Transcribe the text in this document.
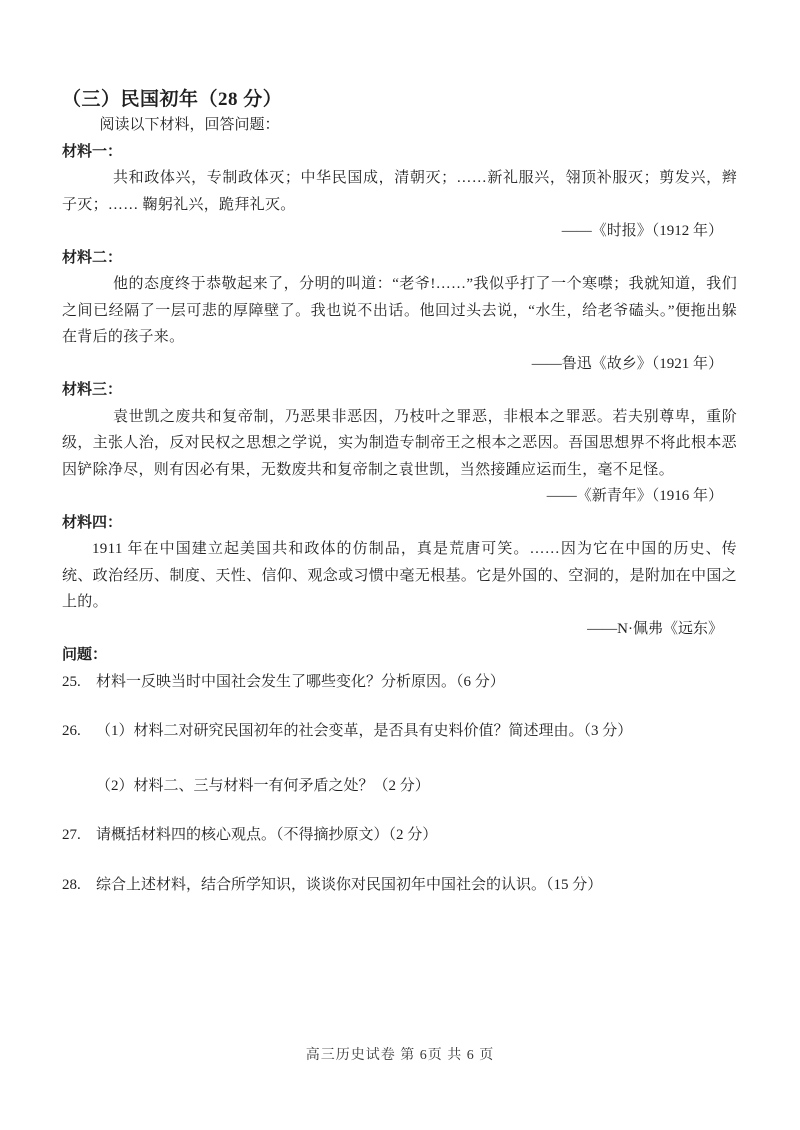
（三）民国初年（28 分）

阅读以下材料，回答问题：

材料一：

共和政体兴，专制政体灭；中华民国成，清朝灭；……新礼服兴，翎顶补服灭；剪发兴，辫子灭；…… 鞠躬礼兴，跪拜礼灭。

——《时报》（1912 年）
材料二：

他的态度终于恭敬起来了，分明的叫道：“老爷!……”我似乎打了一个寒噤；我就知道，我们之间已经隔了一层可悲的厚障壁了。我也说不出话。他回过头去说，“水生，给老爷磕头。”便拖出躲在背后的孩子来。

——鲁迅《故乡》（1921 年）
材料三：

袁世凯之废共和复帝制，乃恶果非恶因，乃枝叶之罪恶，非根本之罪恶。若夫别尊卑，重阶级，主张人治，反对民权之思想之学说，实为制造专制帝王之根本之恶因。吾国思想界不将此根本恶因铲除净尽，则有因必有果，无数废共和复帝制之袁世凯，当然接踵应运而生，毫不足怪。

——《新青年》（1916 年）
材料四：

1911 年在中国建立起美国共和政体的仿制品，真是荒唐可笑。……因为它在中国的历史、传统、政治经历、制度、天性、信仰、观念或习惯中毫无根基。它是外国的、空洞的，是附加在中国之上的。

——N·佩弗《远东》
问题：
25.	材料一反映当时中国社会发生了哪些变化？分析原因。（6 分）
26.	（1）材料二对研究民国初年的社会变革，是否具有史料价值？简述理由。（3 分）
（2）材料二、三与材料一有何矛盾之处？（2 分）
27.	请概括材料四的核心观点。（不得摘抄原文）（2 分）
28.	综合上述材料，结合所学知识，谈谈你对民国初年中国社会的认识。（15 分）
高三历史试卷 第 6页 共 6 页
